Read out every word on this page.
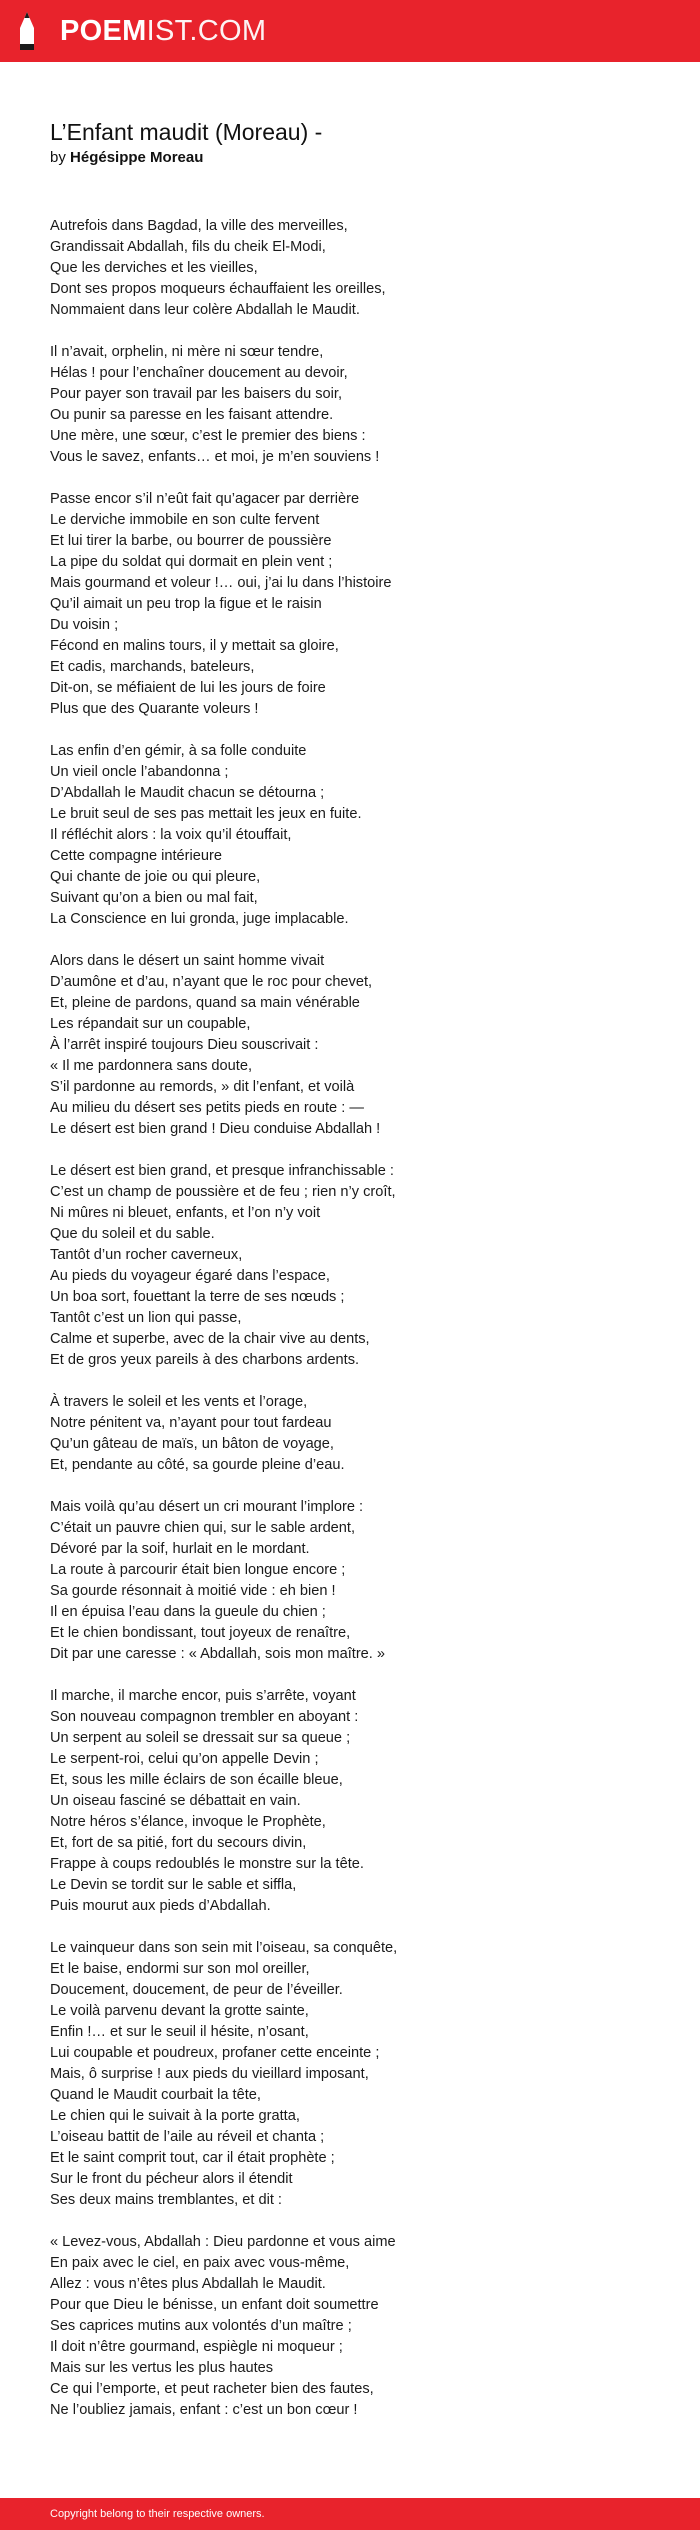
POEMIST.COM
L’Enfant maudit (Moreau) -
by Hégésippe Moreau

Autrefois dans Bagdad, la ville des merveilles,
Grandissait Abdallah, fils du cheik El-Modi,
Que les derviches et les vieilles,
Dont ses propos moqueurs échauffaient les oreilles,
Nommaient dans leur colère Abdallah le Maudit.

Il n’avait, orphelin, ni mère ni sœur tendre,
Hélas ! pour l’enchaîner doucement au devoir,
Pour payer son travail par les baisers du soir,
Ou punir sa paresse en les faisant attendre.
Une mère, une sœur, c’est le premier des biens :
Vous le savez, enfants… et moi, je m’en souviens !

Passe encor s’il n’eût fait qu’agacer par derrière
Le derviche immobile en son culte fervent
Et lui tirer la barbe, ou bourrer de poussière
La pipe du soldat qui dormait en plein vent ;
Mais gourmand et voleur !… oui, j’ai lu dans l’histoire
Qu’il aimait un peu trop la figue et le raisin
Du voisin ;
Fécond en malins tours, il y mettait sa gloire,
Et cadis, marchands, bateleurs,
Dit-on, se méfiaient de lui les jours de foire
Plus que des Quarante voleurs !

Las enfin d’en gémir, à sa folle conduite
Un vieil oncle l’abandonna ;
D’Abdallah le Maudit chacun se détourna ;
Le bruit seul de ses pas mettait les jeux en fuite.
Il réfléchit alors : la voix qu’il étouffait,
Cette compagne intérieure
Qui chante de joie ou qui pleure,
Suivant qu’on a bien ou mal fait,
La Conscience en lui gronda, juge implacable.

Alors dans le désert un saint homme vivait
D’aumône et d’au, n’ayant que le roc pour chevet,
Et, pleine de pardons, quand sa main vénérable
Les répandait sur un coupable,
À l’arrêt inspiré toujours Dieu souscrivait :
« Il me pardonnera sans doute,
S’il pardonne au remords, » dit l’enfant, et voilà
Au milieu du désert ses petits pieds en route : —
Le désert est bien grand ! Dieu conduise Abdallah !

Le désert est bien grand, et presque infranchissable :
C’est un champ de poussière et de feu ; rien n’y croît,
Ni mûres ni bleuet, enfants, et l’on n’y voit
Que du soleil et du sable.
Tantôt d’un rocher caverneux,
Au pieds du voyageur égaré dans l’espace,
Un boa sort, fouettant la terre de ses nœuds ;
Tantôt c’est un lion qui passe,
Calme et superbe, avec de la chair vive au dents,
Et de gros yeux pareils à des charbons ardents.

À travers le soleil et les vents et l’orage,
Notre pénitent va, n’ayant pour tout fardeau
Qu’un gâteau de maïs, un bâton de voyage,
Et, pendante au côté, sa gourde pleine d’eau.

Mais voilà qu’au désert un cri mourant l’implore :
C’était un pauvre chien qui, sur le sable ardent,
Dévoré par la soif, hurlait en le mordant.
La route à parcourir était bien longue encore ;
Sa gourde résonnait à moitié vide : eh bien !
Il en épuisa l’eau dans la gueule du chien ;
Et le chien bondissant, tout joyeux de renaître,
Dit par une caresse : « Abdallah, sois mon maître. »

Il marche, il marche encor, puis s’arrête, voyant
Son nouveau compagnon trembler en aboyant :
Un serpent au soleil se dressait sur sa queue ;
Le serpent-roi, celui qu’on appelle Devin ;
Et, sous les mille éclairs de son écaille bleue,
Un oiseau fasciné se débattait en vain.
Notre héros s’élance, invoque le Prophète,
Et, fort de sa pitié, fort du secours divin,
Frappe à coups redoublés le monstre sur la tête.
Le Devin se tordit sur le sable et siffla,
Puis mourut aux pieds d’Abdallah.

Le vainqueur dans son sein mit l’oiseau, sa conquête,
Et le baise, endormi sur son mol oreiller,
Doucement, doucement, de peur de l’éveiller.
Le voilà parvenu devant la grotte sainte,
Enfin !… et sur le seuil il hésite, n’osant,
Lui coupable et poudreux, profaner cette enceinte ;
Mais, ô surprise ! aux pieds du vieillard imposant,
Quand le Maudit courbait la tête,
Le chien qui le suivait à la porte gratta,
L’oiseau battit de l’aile au réveil et chanta ;
Et le saint comprit tout, car il était prophète ;
Sur le front du pécheur alors il étendit
Ses deux mains tremblantes, et dit :

« Levez-vous, Abdallah : Dieu pardonne et vous aime
En paix avec le ciel, en paix avec vous-même,
Allez : vous n’êtes plus Abdallah le Maudit.
Pour que Dieu le bénisse, un enfant doit soumettre
Ses caprices mutins aux volontés d’un maître ;
Il doit n’être gourmand, espiègle ni moqueur ;
Mais sur les vertus les plus hautes
Ce qui l’emporte, et peut racheter bien des fautes,
Ne l’oubliez jamais, enfant : c’est un bon cœur !

Copyright belong to their respective owners.
